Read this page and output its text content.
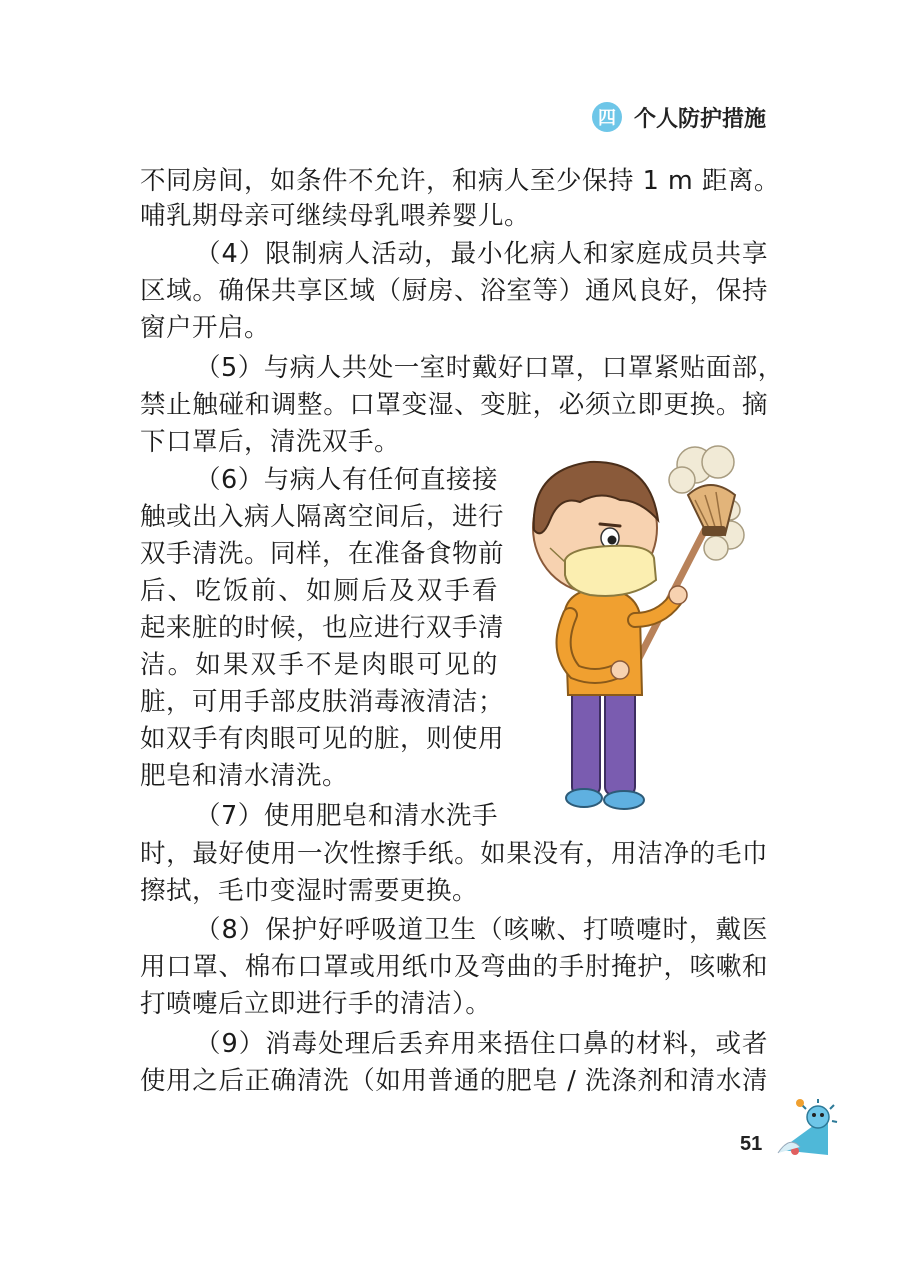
四 个人防护措施
不同房间，如条件不允许，和病人至少保持 1 m 距离。
哺乳期母亲可继续母乳喂养婴儿。
（4）限制病人活动，最小化病人和家庭成员共享
区域。确保共享区域（厨房、浴室等）通风良好，保持
窗户开启。
（5）与病人共处一室时戴好口罩，口罩紧贴面部，
禁止触碰和调整。口罩变湿、变脏，必须立即更换。摘
下口罩后，清洗双手。
（6）与病人有任何直接接
触或出入病人隔离空间后，进行
双手清洗。同样，在准备食物前
后、吃饭前、如厕后及双手看
起来脏的时候，也应进行双手清
洁。如果双手不是肉眼可见的
脏，可用手部皮肤消毒液清洁；
如双手有肉眼可见的脏，则使用
肥皂和清水清洗。
（7）使用肥皂和清水洗手
时，最好使用一次性擦手纸。如果没有，用洁净的毛巾
擦拭，毛巾变湿时需要更换。
（8）保护好呼吸道卫生（咳嗽、打喷嚏时，戴医
用口罩、棉布口罩或用纸巾及弯曲的手肘掩护，咳嗽和
打喷嚏后立即进行手的清洁）。
（9）消毒处理后丢弃用来捂住口鼻的材料，或者
使用之后正确清洗（如用普通的肥皂 / 洗涤剂和清水清
51
